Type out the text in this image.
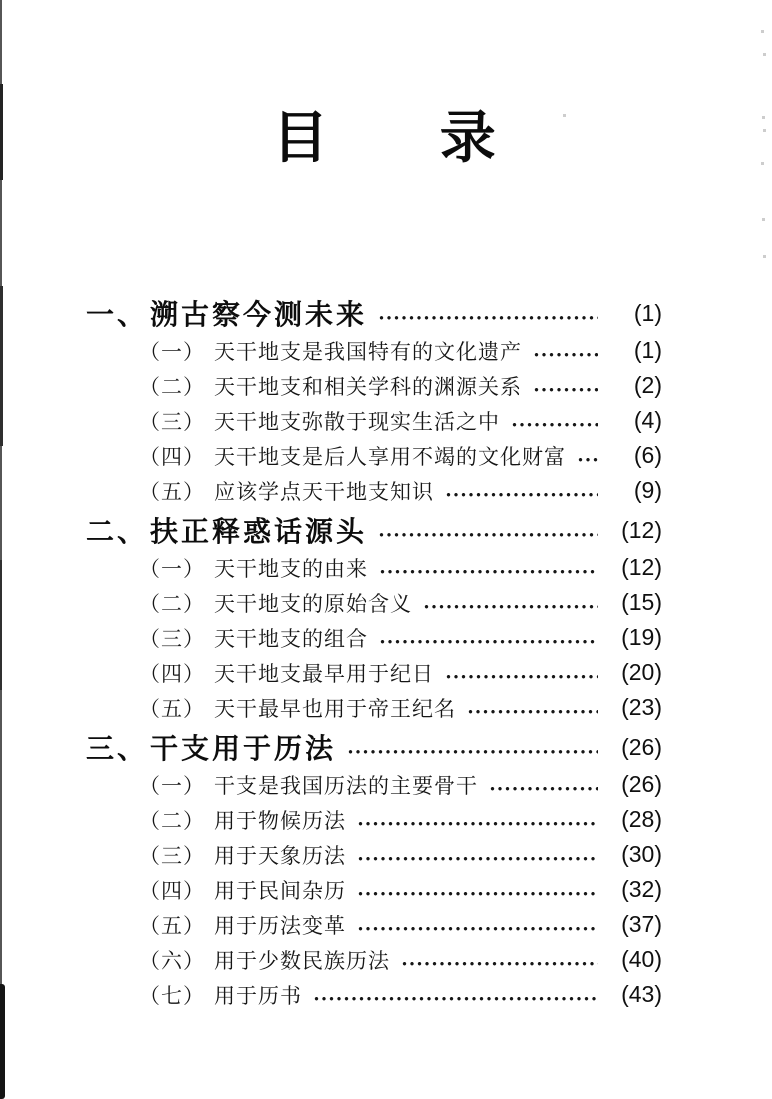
目 录
一、 溯古察今测未来	(1)
（一） 天干地支是我国特有的文化遗产	(1)
（二） 天干地支和相关学科的渊源关系	(2)
（三） 天干地支弥散于现实生活之中	(4)
（四） 天干地支是后人享用不竭的文化财富	(6)
（五） 应该学点天干地支知识	(9)
二、 扶正释惑话源头	(12)
（一） 天干地支的由来	(12)
（二） 天干地支的原始含义	(15)
（三） 天干地支的组合	(19)
（四） 天干地支最早用于纪日	(20)
（五） 天干最早也用于帝王纪名	(23)
三、 干支用于历法	(26)
（一） 干支是我国历法的主要骨干	(26)
（二） 用于物候历法	(28)
（三） 用于天象历法	(30)
（四） 用于民间杂历	(32)
（五） 用于历法变革	(37)
（六） 用于少数民族历法	(40)
（七） 用于历书	(43)
